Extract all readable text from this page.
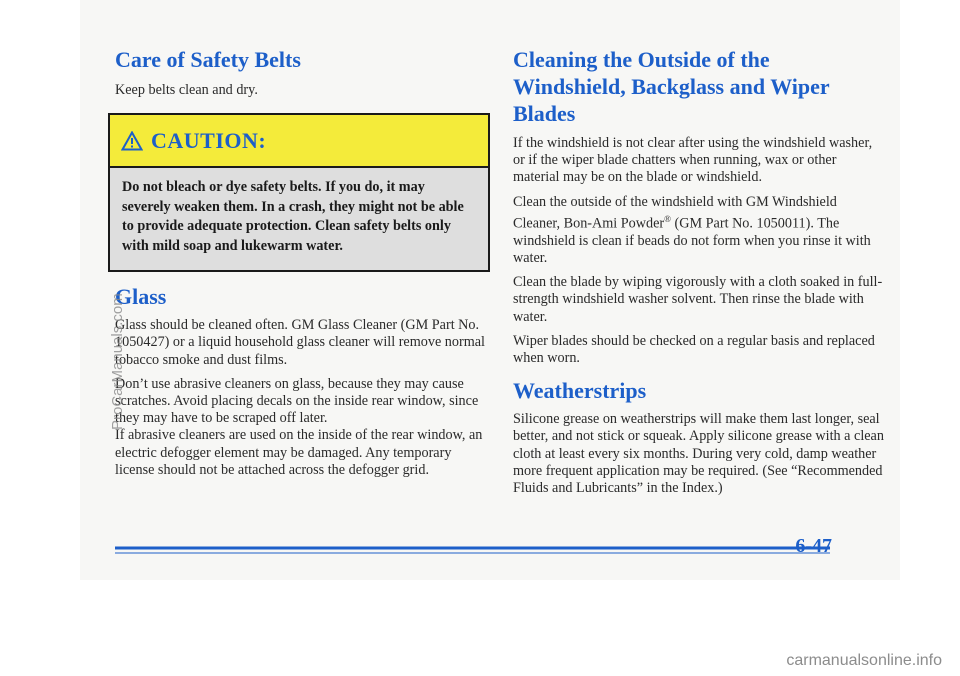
Care of Safety Belts

Keep belts clean and dry.

CAUTION:
Do not bleach or dye safety belts. If you do, it may severely weaken them. In a crash, they might not be able to provide adequate protection. Clean safety belts only with mild soap and lukewarm water.
Glass

Glass should be cleaned often. GM Glass Cleaner (GM Part No. 1050427) or a liquid household glass cleaner will remove normal tobacco smoke and dust films.

Don’t use abrasive cleaners on glass, because they may cause scratches. Avoid placing decals on the inside rear window, since they may have to be scraped off later.

If abrasive cleaners are used on the inside of the rear window, an electric defogger element may be damaged. Any temporary license should not be attached across the defogger grid.

Cleaning the Outside of the Windshield, Backglass and Wiper Blades

If the windshield is not clear after using the windshield washer, or if the wiper blade chatters when running, wax or other material may be on the blade or windshield.

Clean the outside of the windshield with GM Windshield Cleaner, Bon-Ami Powder® (GM Part No. 1050011). The windshield is clean if beads do not form when you rinse it with water.

Clean the blade by wiping vigorously with a cloth soaked in full-strength windshield washer solvent. Then rinse the blade with water.

Wiper blades should be checked on a regular basis and replaced when worn.

Weatherstrips

Silicone grease on weatherstrips will make them last longer, seal better, and not stick or squeak. Apply silicone grease with a clean cloth at least every six months. During very cold, damp weather more frequent application may be required. (See “Recommended Fluids and Lubricants” in the Index.)

6-47
ProCarManuals.com
carmanualsonline.info
